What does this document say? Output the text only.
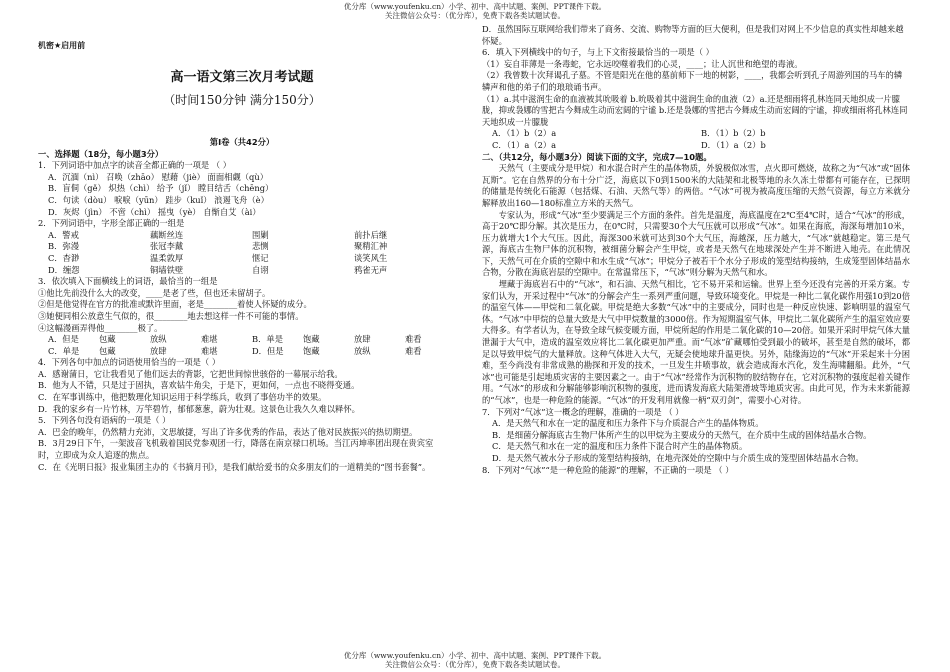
优分库（www.youfenku.cn）小学、初中、高中试题、案例、PPT课件下载。
关注微信公众号：（优分库），免费下载各类试题试卷。
机密★启用前
高一语文第三次月考试题
（时间150分钟 满分150分）

第Ⅰ卷（共42分）

一、选择题（18分，每小题3分）

1．下列词语中加点字的读音全都正确的一项是 （ ）

A．沉湎（nì） 召唤（zhāo） 慰藉（jiè） 面面相觑（qù）

B．盲侗（gě） 炽热（chì） 给予（jǐ） 瞠目结舌（chēng）

C．句读（dòu） 唳唳（yūn） 跬步（kuǐ） 浪遏飞舟（è）

D．灰烬（jìn） 不啻（chì） 摇曳（yè） 自惭自艾（ài）

2．下列词语中，字形全部正确的一组是

A．警戒	藕断丝连	围剿	前扑后继
B．弥漫	张冠李戴	悲恻	聚精汇神
C．杳渺	温柔敦厚	惬记	谈笑风生
D．缠怨	铜墙铁壁	自诩	鸦雀无声

3．依次填入下面横线上的词语，最恰当的一组是

①他比先前没什么大的改变，____是老了些，但也还未留胡子。

②但是他觉得在官方的批准或默许里面，老是________着使人怀疑的成分。

③她便同相公放意生气似的，很________地去想这样一件不可能的事情。

④这幅漫画弄得他________极了。

A．但是	包藏	放纵	难堪	B．单是	饱藏	放肆	难看
C．单是	包藏	放肆	难堪	D．但是	饱藏	放纵	难看

4．下列各句中加点的词语使用恰当的一项是（ ）

A．感谢蒲日，它让我看见了他们远去的背影，它把世间惊世骇俗的一幕展示给我。

B．他为人不错，只是过于固执，喜欢钻牛角尖，于是下，更如何，一点也不晓得变通。

C．在军事训练中，他把数理化知识运用于科学练兵，收到了事倍功半的效果。

D．我的家乡有一片竹林，万竿碧竹，郁郁葱葱，蔚为壮观。这景色让我久久难以释怀。

5．下列各句没有语病的一项是（ ）

A．巴金的晚年，仍然精力充沛，文思敏捷，写出了许多优秀的作品，表达了他对民族振兴的热切期望。

B．3月29日下午，一架波音飞机载着国民党参观团一行，降落在南京禄口机场。当江丙坤率团出现在贵宾室时，立即成为众人追逐的焦点。

C．在《光明日报》报业集团主办的《书摘月刊》，是我们献给爱书的众多朋友们的一道精美的“图书套餐”。

D．虽然国际互联网给我们带来了商务、交流、购物等方面的巨大便利，但是我们对网上不少信息的真实性却越来越怀疑。

6．填入下列横线中的句子，与上下文衔接最恰当的一项是（ ）

（1）妄自菲薄是一条毒蛇，它永远咬噬着我们的心灵，____；让人沉世和绝望的毒液。

（2）我曾数十次拜谒孔子墓。不管是阳光在他的墓前师下一地的树影，____，我都会听到孔子周游列国的马车的辚辚声和他的弟子们的琅琅诵书声。

（1）a.其中滋润生命的血液被其吮吸着 b.吮吸着其中滋润生命的血液（2）a.还是细雨将孔林连同天地织成一片朦胧，抑或袅娜的雪把古今舞成生动而宏阔的宁谧 b.还是袅娜的雪把古今舞成生动而宏阔的宁谧，抑或细雨将孔林连同天地织成一片朦胧

A．（1）b（2）a	B．（1）b（2）b
C．（1）a（2）a	D．（1）a（2）b

二、（共12分，每小题3分）阅读下面的文字，完成7—10题。

天然气（主要成分是甲烷）和水混合时产生的晶体物质，外貌极似冰雪，点火即可燃烧，故称之为“气冰”或“固体瓦斯”。它在自然界的分布十分广泛，海底以下0到1500米的大陆架和北极等地的永久冻土带都有可能存在，已探明的储量是传统化石能源（包括煤、石油、天然气等）的两倍。“气冰”可视为被高度压缩的天然气资源，每立方米就分解释放出160—180标准立方米的天然气。

专家认为，形成“气冰”至少要满足三个方面的条件。首先是温度，海底温度在2℃至4℃时，适合“气冰”的形成，高于20℃即分解。其次是压力，在0℃时，只需要30个大气压就可以形成“气冰”。如果在海底，海深每增加10米，压力就增大1个大气压。因此，海深300米就可达到30个大气压，海越深，压力越大，“气冰”就越稳定。第三是气源，海底古生物尸体的沉积物，被细菌分解会产生甲烷，或者是天然气在地球深处产生并不断进入地壳。在此情况下，天然气可在介质的空隙中和水生成“气冰”；甲烷分子被若干个水分子形成的笼型结构接纳，生成笼型固体结晶水合物，分散在海底岩层的空隙中。在常温常压下，“气冰”则分解为天然气和水。

埋藏于海底岩石中的“气冰”，和石油、天然气相比，它不易开采和运输。世界上至今还没有完善的开采方案。专家们认为，开采过程中“气冰”的分解会产生一系列严重问题，导致环境变化。甲烷是一种比二氧化碳作用强10到20倍的温室气体——甲烷和二氧化碳。甲烷是绝大多数“气冰”中的主要成分，同时也是一种反应快速、影响明显的温室气体。“气冰”中甲烷的总量大致是大气中甲烷数量的3000倍。作为短期温室气体，甲烷比二氧化碳所产生的温室效应要大得多。有学者认为，在导致全球气候变暖方面，甲烷所起的作用是二氧化碳的10—20倍。如果开采时甲烷气体大量泄漏于大气中，造成的温室效应将比二氧化碳更加严重。而“气冰”矿藏哪怕受到最小的破坏，甚至是自然的破坏，都足以导致甲烷气的大量释放。这种气体进入大气，无疑会使地球升温更快。另外，陆缘海边的“气冰”开采起来十分困难，至今尚没有非常成熟的勘探和开发的技术，一旦发生井喷事故，就会造成海水汽化，发生海啸翻船。此外，“气冰”也可能是引起地质灾害的主要因素之一。由于“气冰”经常作为沉积物的胶结物存在，它对沉积物的强度起着关键作用。“气冰”的形成和分解能够影响沉积物的强度，进而诱发海底大陆架滑坡等地质灾害。由此可见，作为未来新能源的“气冰”，也是一种危险的能源。“气冰”的开发利用就像一柄“双刃剑”，需要小心对待。

7．下列对“气冰”这一概念的理解，准确的一项是 （ ）

A．是天然气和水在一定的温度和压力条件下与介质混合产生的晶体物质。

B．是细菌分解海底古生物尸体所产生的以甲烷为主要成分的天然气，在介质中生成的固体结晶水合物。

C．是天然气和水在一定的温度和压力条件下混合时产生的晶体物质。

D．是天然气被水分子形成的笼型结构接纳，在地壳深处的空隙中与介质生成的笼型固体结晶水合物。

8．下列对“气冰”“是一种危险的能源”的理解，不正确的一项是 （ ）

优分库（www.youfenku.cn）小学、初中、高中试题、案例、PPT课件下载。
关注微信公众号：（优分库），免费下载各类试题试卷。
